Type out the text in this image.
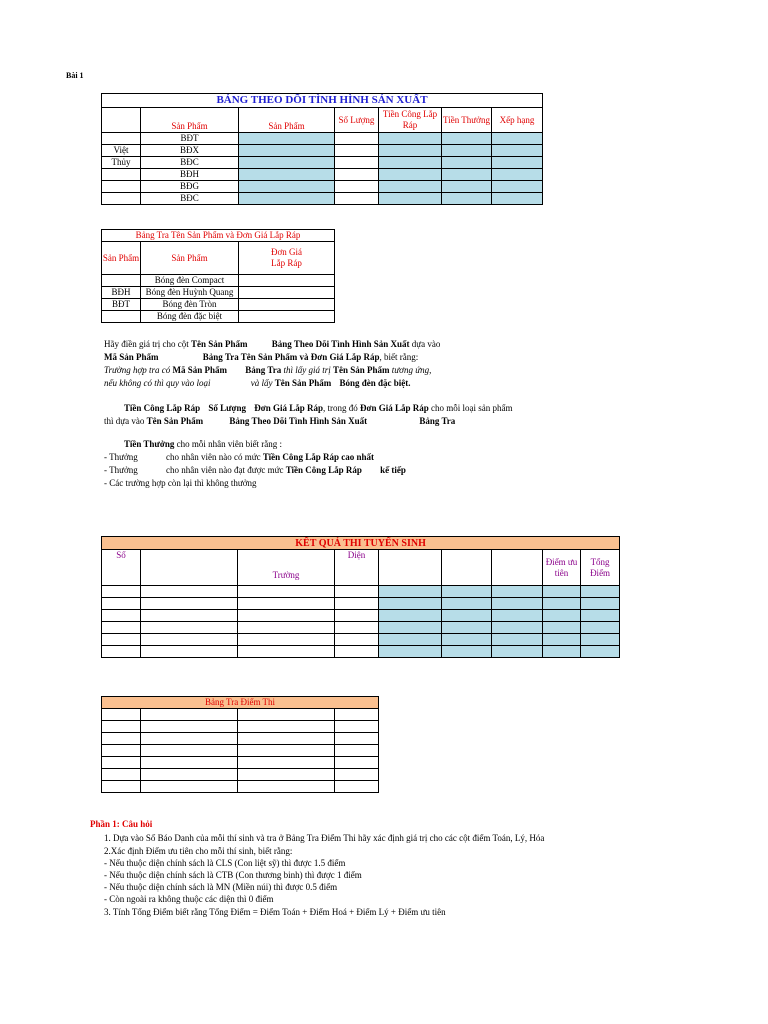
Bài 1
BẢNG THEO DÕI TÌNH HÌNH SẢN XUẤT						
	Sản Phẩm	Sản Phẩm	Số Lượng	Tiền Công Lắp Ráp	Tiền Thưởng	Xếp hạng
	BĐT					
Việt	BĐX					
Thủy	BĐC					
	BĐH					
	BĐG					
	BĐC					
Bảng Tra Tên Sản Phẩm và Đơn Giá Lắp Ráp		
Sản Phẩm	Sản Phẩm	Đơn Giá Lắp Ráp
	Bóng đèn Compact	
BĐH	Bóng đèn Huỳnh Quang	
BĐT	Bóng đèn Tròn	
	Bóng đèn đặc biệt	
Hãy điền giá trị cho cột Tên Sản Phẩm	Bảng Theo Dõi Tình Hình Sản Xuất dựa vào
Mã Sản Phẩm	Bảng Tra Tên Sản Phẩm và Đơn Giá Lắp Ráp, biết rằng:
Trường hợp tra có Mã Sản Phẩm Bảng Tra thì lấy giá trị Tên Sản Phẩm tương ứng,
nếu không có thì quy vào loại	và lấy Tên Sản Phẩm Bóng đèn đặc biệt.
Tiền Công Lắp Ráp Số Lượng Đơn Giá Lắp Ráp, trong đó Đơn Giá Lắp Ráp cho mỗi loại sản phẩm
thì dựa vào Tên Sản Phẩm	Bảng Theo Dõi Tình Hình Sản Xuất	Bảng Tra
Tiền Thưởng cho mỗi nhân viên biết rằng :
- Thưởng	cho nhân viên nào có mức Tiền Công Lắp Ráp cao nhất
- Thưởng	cho nhân viên nào đạt được mức Tiền Công Lắp Ráp kế tiếp
- Các trường hợp còn lại thì không thưởng
KẾT QUẢ THI TUYỂN SINH								
Số		Trường	Diện				Điểm ưu tiên	Tổng Điểm

Bảng Tra Điểm Thi			

Phần 1: Câu hỏi
1. Dựa vào Số Báo Danh của mỗi thí sinh và tra ở Bảng Tra Điểm Thi hãy xác định giá trị cho các cột điểm Toán, Lý, Hóa
2.Xác định Điểm ưu tiên cho mỗi thí sinh, biết rằng:
- Nếu thuộc diện chính sách là CLS (Con liệt sỹ) thì được 1.5 điểm
- Nếu thuộc diện chính sách là CTB (Con thương binh) thì được 1 điểm
- Nếu thuộc diện chính sách là MN (Miền núi) thì được 0.5 điểm
- Còn ngoài ra không thuộc các diện thì 0 điểm
3. Tính Tổng Điểm biết rằng Tổng Điểm = Điểm Toán + Điểm Hoá + Điểm Lý + Điểm ưu tiên
